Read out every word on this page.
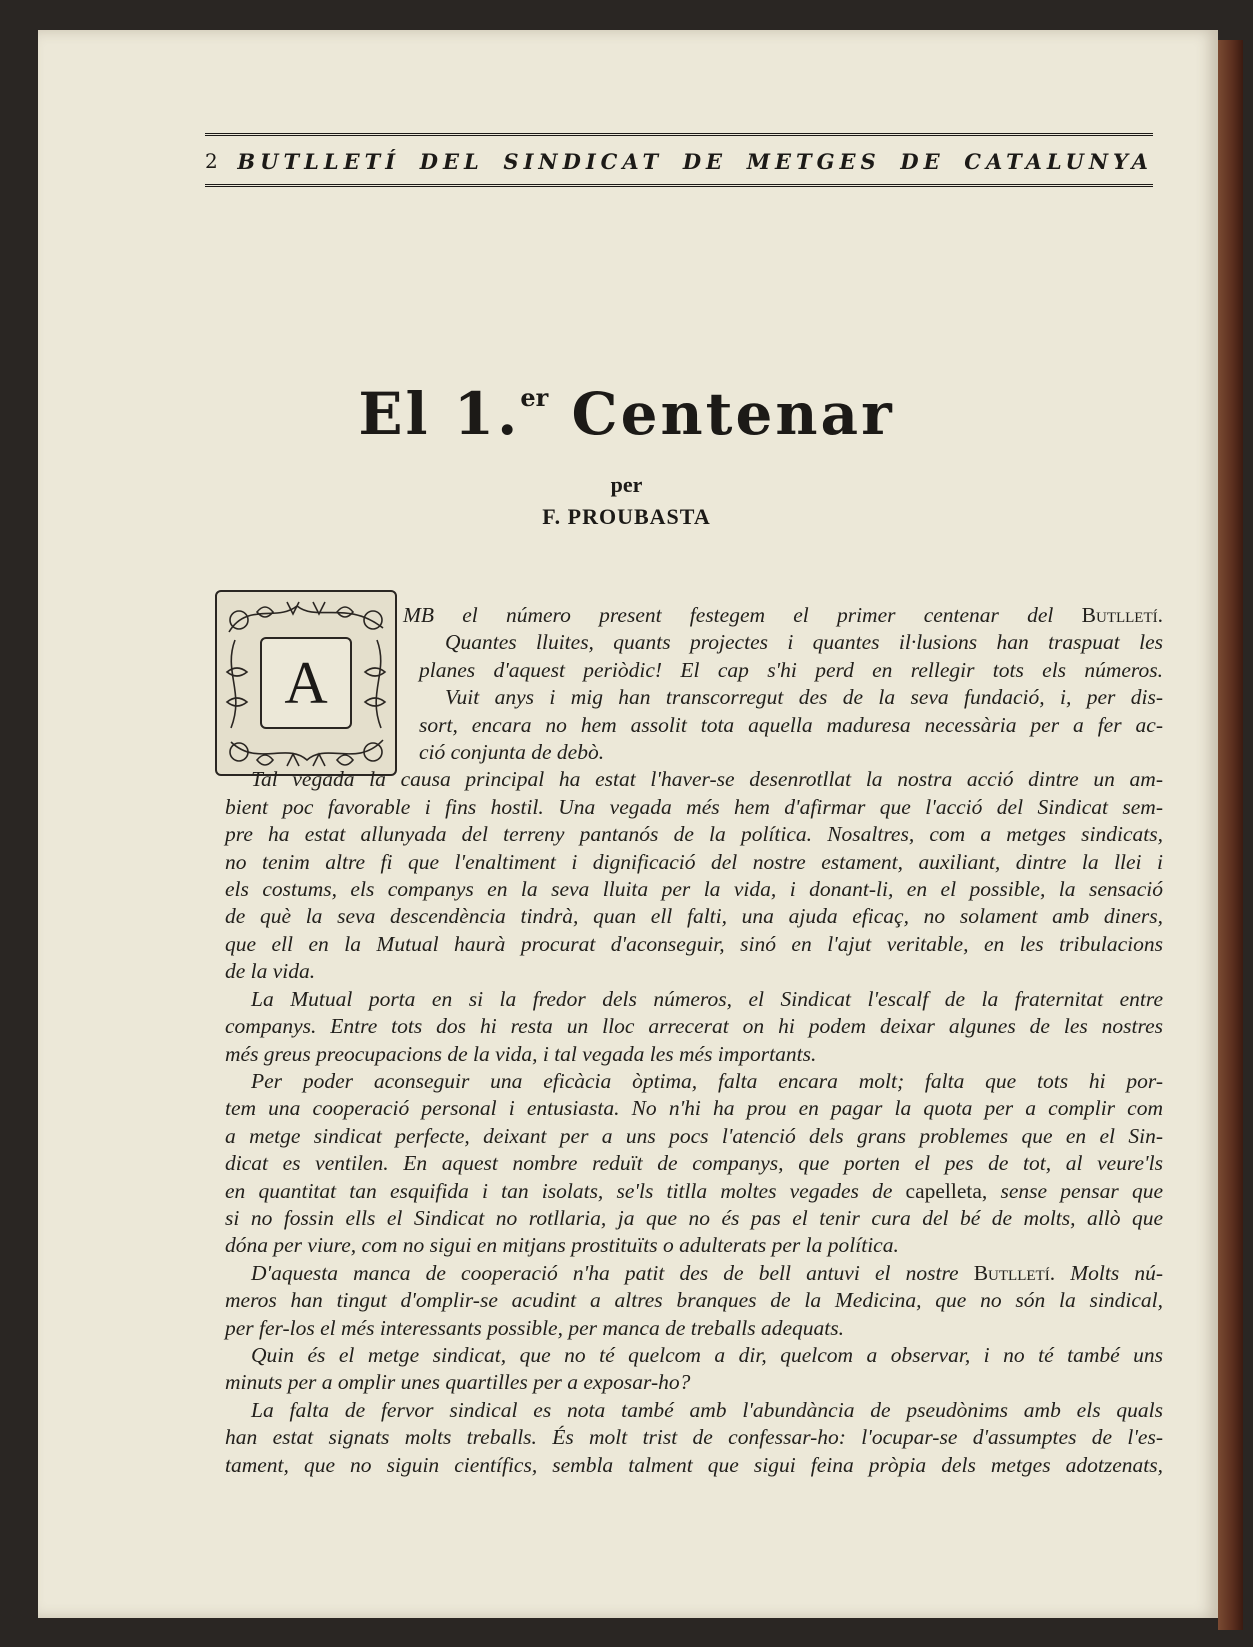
2 BUTLLETÍ DEL SINDICAT DE METGES DE CATALUNYA
El 1.$^{er}$ Centenar
per
F. PROUBASTA
A
MB el número present festegem el primer centenar del Butlletí.
Quantes lluites, quants projectes i quantes il·lusions han traspuat les
planes d'aquest periòdic! El cap s'hi perd en rellegir tots els números.
Vuit anys i mig han transcorregut des de la seva fundació, i, per dis-
sort, encara no hem assolit tota aquella maduresa necessària per a fer ac-
ció conjunta de debò.
Tal vegada la causa principal ha estat l'haver-se desenrotllat la nostra acció dintre un am-
bient poc favorable i fins hostil. Una vegada més hem d'afirmar que l'acció del Sindicat sem-
pre ha estat allunyada del terreny pantanós de la política. Nosaltres, com a metges sindicats,
no tenim altre fi que l'enaltiment i dignificació del nostre estament, auxiliant, dintre la llei i
els costums, els companys en la seva lluita per la vida, i donant-li, en el possible, la sensació
de què la seva descendència tindrà, quan ell falti, una ajuda eficaç, no solament amb diners,
que ell en la Mutual haurà procurat d'aconseguir, sinó en l'ajut veritable, en les tribulacions
de la vida.
La Mutual porta en si la fredor dels números, el Sindicat l'escalf de la fraternitat entre
companys. Entre tots dos hi resta un lloc arrecerat on hi podem deixar algunes de les nostres
més greus preocupacions de la vida, i tal vegada les més importants.
Per poder aconseguir una eficàcia òptima, falta encara molt; falta que tots hi por-
tem una cooperació personal i entusiasta. No n'hi ha prou en pagar la quota per a complir com
a metge sindicat perfecte, deixant per a uns pocs l'atenció dels grans problemes que en el Sin-
dicat es ventilen. En aquest nombre reduït de companys, que porten el pes de tot, al veure'ls
en quantitat tan esquifida i tan isolats, se'ls titlla moltes vegades de capelleta, sense pensar que
si no fossin ells el Sindicat no rotllaria, ja que no és pas el tenir cura del bé de molts, allò que
dóna per viure, com no sigui en mitjans prostituïts o adulterats per la política.
D'aquesta manca de cooperació n'ha patit des de bell antuvi el nostre Butlletí. Molts nú-
meros han tingut d'omplir-se acudint a altres branques de la Medicina, que no són la sindical,
per fer-los el més interessants possible, per manca de treballs adequats.
Quin és el metge sindicat, que no té quelcom a dir, quelcom a observar, i no té també uns
minuts per a omplir unes quartilles per a exposar-ho?
La falta de fervor sindical es nota també amb l'abundància de pseudònims amb els quals
han estat signats molts treballs. És molt trist de confessar-ho: l'ocupar-se d'assumptes de l'es-
tament, que no siguin científics, sembla talment que sigui feina pròpia dels metges adotzenats,
